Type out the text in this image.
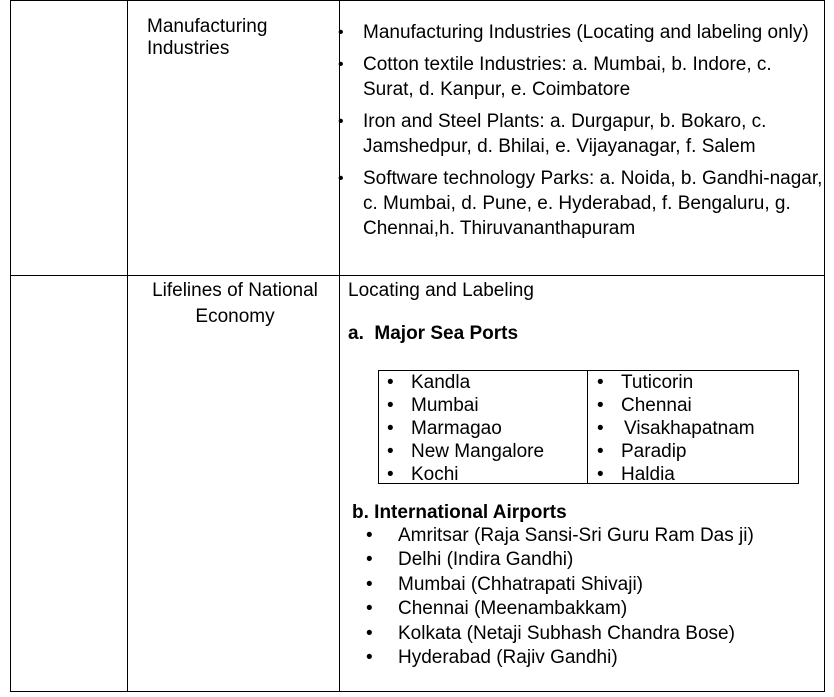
Manufacturing Industries
• Manufacturing Industries (Locating and labeling only)
• Cotton textile Industries: a. Mumbai, b. Indore, c. Surat, d. Kanpur, e. Coimbatore
• Iron and Steel Plants: a. Durgapur, b. Bokaro, c. Jamshedpur, d. Bhilai, e. Vijayanagar, f. Salem
• Software technology Parks: a. Noida, b. Gandhi-nagar, c. Mumbai, d. Pune, e. Hyderabad, f. Bengaluru, g. Chennai,h. Thiruvananthapuram
Lifelines of National
Economy
Locating and Labeling
a.  Major Sea Ports
• Kandla
• Mumbai
• Marmagao
• New Mangalore
• Kochi
• Tuticorin
• Chennai
• Visakhapatnam
• Paradip
• Haldia
b. International Airports
• Amritsar (Raja Sansi-Sri Guru Ram Das ji)
• Delhi (Indira Gandhi)
• Mumbai (Chhatrapati Shivaji)
• Chennai (Meenambakkam)
• Kolkata (Netaji Subhash Chandra Bose)
• Hyderabad (Rajiv Gandhi)
